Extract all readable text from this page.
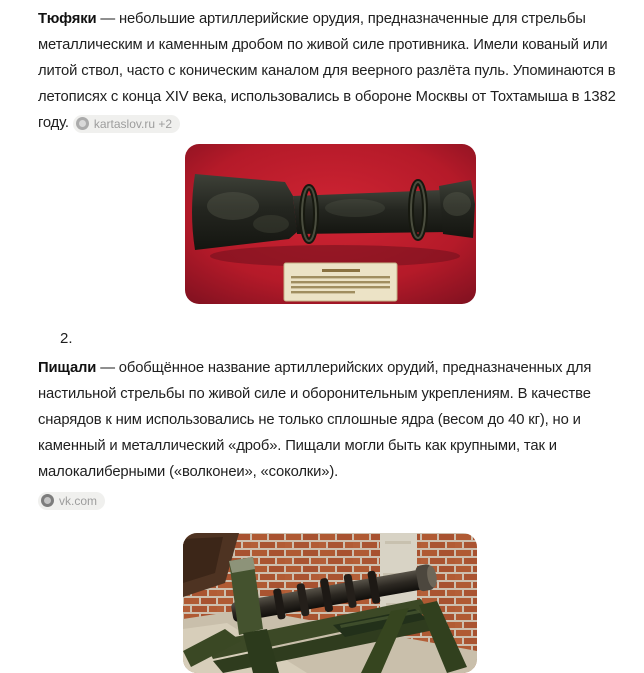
Тюфяки — небольшие артиллерийские орудия, предназначенные для стрельбы металлическим и каменным дробом по живой силе противника. Имели кованый или литой ствол, часто с коническим каналом для веерного разлёта пуль. Упоминаются в летописях с конца XIV века, использовались в обороне Москвы от Тохтамыша в 1382 году. kartaslov.ru +2

2.

Пищали — обобщённое название артиллерийских орудий, предназначенных для настильной стрельбы по живой силе и оборонительным укреплениям. В качестве снарядов к ним использовались не только сплошные ядра (весом до 40 кг), но и каменный и металлический «дроб». Пищали могли быть как крупными, так и малокалиберными («волконеи», «соколки»).

vk.com
